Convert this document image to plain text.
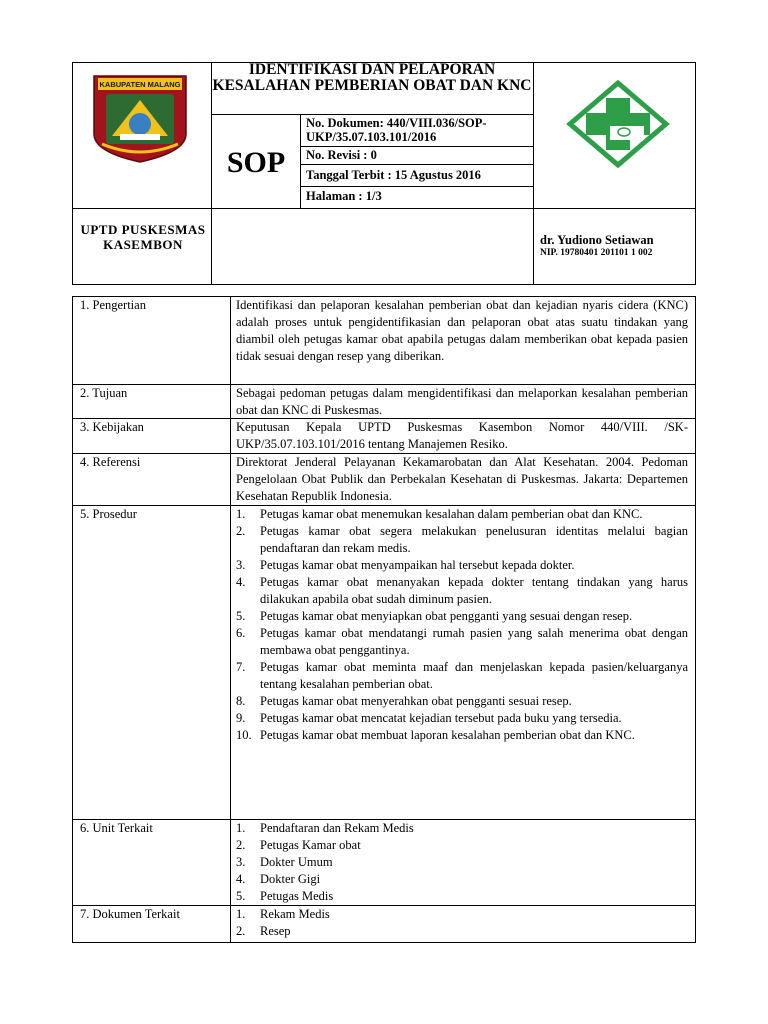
KABUPATEN MALANG
IDENTIFIKASI DAN PELAPORAN KESALAHAN PEMBERIAN OBAT DAN KNC
SOP
No. Dokumen: 440/VIII.036/SOP-UKP/35.07.103.101/2016
No. Revisi : 0
Tanggal Terbit : 15 Agustus 2016
Halaman : 1/3
UPTD PUSKESMAS KASEMBON	dr. Yudiono Setiawan
NIP. 19780401 201101 1 002
1. Pengertian	Identifikasi dan pelaporan kesalahan pemberian obat dan kejadian nyaris cidera (KNC) adalah proses untuk pengidentifikasian dan pelaporan obat atas suatu tindakan yang diambil oleh petugas kamar obat apabila petugas dalam memberikan obat kepada pasien tidak sesuai dengan resep yang diberikan.
2. Tujuan	Sebagai pedoman petugas dalam mengidentifikasi dan melaporkan kesalahan pemberian obat dan KNC di Puskesmas.
3. Kebijakan	Keputusan Kepala UPTD Puskesmas Kasembon Nomor 440/VIII. /SK-UKP/35.07.103.101/2016 tentang Manajemen Resiko.
4. Referensi	Direktorat Jenderal Pelayanan Kekamarobatan dan Alat Kesehatan. 2004. Pedoman Pengelolaan Obat Publik dan Perbekalan Kesehatan di Puskesmas. Jakarta: Departemen Kesehatan Republik Indonesia.
5. Prosedur	1.	Petugas kamar obat menemukan kesalahan dalam pemberian obat dan KNC.
2.	Petugas kamar obat segera melakukan penelusuran identitas melalui bagian pendaftaran dan rekam medis.
3.	Petugas kamar obat menyampaikan hal tersebut kepada dokter.
4.	Petugas kamar obat menanyakan kepada dokter tentang tindakan yang harus dilakukan apabila obat sudah diminum pasien.
5.	Petugas kamar obat menyiapkan obat pengganti yang sesuai dengan resep.
6.	Petugas kamar obat mendatangi rumah pasien yang salah menerima obat dengan membawa obat penggantinya.
7.	Petugas kamar obat meminta maaf dan menjelaskan kepada pasien/keluarganya tentang kesalahan pemberian obat.
8.	Petugas kamar obat menyerahkan obat pengganti sesuai resep.
9.	Petugas kamar obat mencatat kejadian tersebut pada buku yang tersedia.
10. Petugas kamar obat membuat laporan kesalahan pemberian obat dan KNC.
6. Unit Terkait	1.	Pendaftaran dan Rekam Medis
2.	Petugas Kamar obat
3.	Dokter Umum
4.	Dokter Gigi
5.	Petugas Medis
7. Dokumen Terkait	1.	Rekam Medis
2.	Resep
